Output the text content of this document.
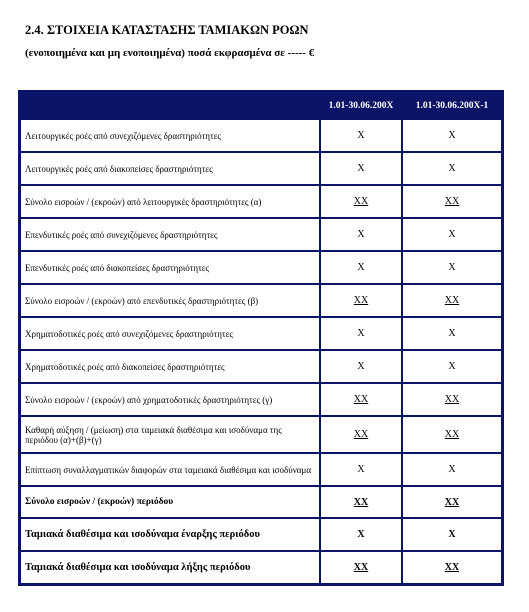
2.4. ΣΤΟΙΧΕΙΑ ΚΑΤΑΣΤΑΣΗΣ ΤΑΜΙΑΚΩΝ ΡΟΩΝ
(ενοποιημένα και μη ενοποιημένα) ποσά εκφρασμένα σε ----- €
	1.01-30.06.200X	1.01-30.06.200X-1
Λειτουργικές ροές από συνεχιζόμενες δραστηριότητες	X	X
Λειτουργικές ροές από διακοπείσες δραστηριότητες	X	X
Σύνολο εισροών / (εκροών) από λειτουργικές δραστηριότητες (α)	XX	XX
Επενδυτικές ροές από συνεχιζόμενες δραστηριότητες	X	X
Επενδυτικές ροές από διακοπείσες δραστηριότητες	X	X
Σύνολο εισροών / (εκροών) από επενδυτικές δραστηριότητες (β)	XX	XX
Χρηματοδοτικές ροές από συνεχιζόμενες δραστηριότητες	X	X
Χρηματοδοτικές ροές από διακοπείσες δραστηριότητες	X	X
Σύνολο εισροών / (εκροών) από χρηματοδοτικές δραστηριότητες (γ)	XX	XX
Καθαρή αύξηση / (μείωση) στα ταμειακά διαθέσιμα και ισοδύναμα της περιόδου (α)+(β)+(γ)	XX	XX
Επίπτωση συναλλαγματικών διαφορών στα ταμειακά διαθέσιμα και ισοδύναμα	X	X
Σύνολο εισροών / (εκροών) περιόδου	XX	XX
Ταμιακά διαθέσιμα και ισοδύναμα έναρξης περιόδου	X	X
Ταμιακά διαθέσιμα και ισοδύναμα λήξης περιόδου	XX	XX
